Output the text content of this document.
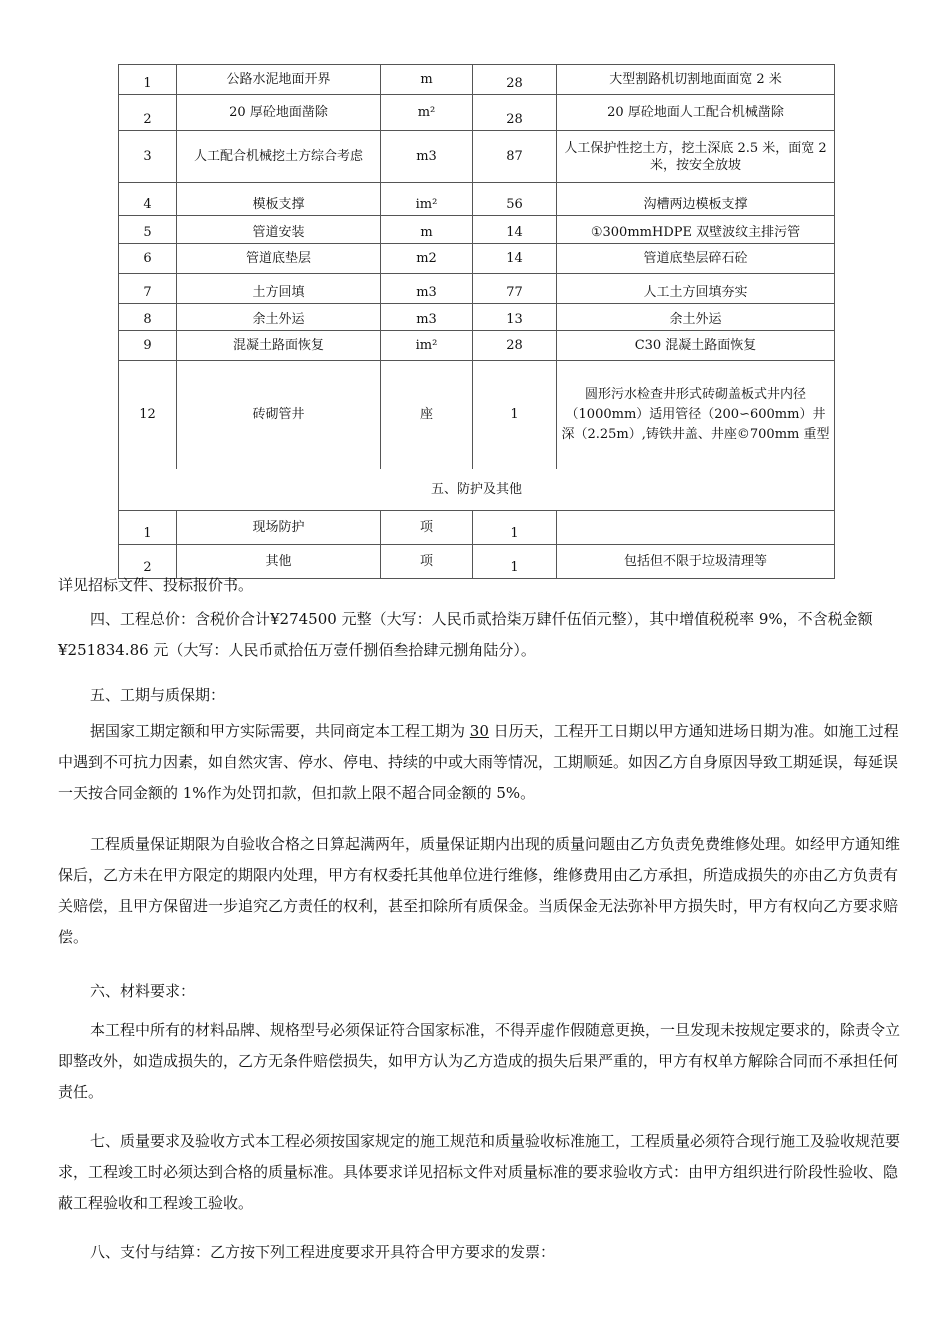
1	公路水泥地面开界	m	28	大型割路机切割地面面宽 2 米
2	20 厚砼地面凿除	m²	28	20 厚砼地面人工配合机械凿除
3	人工配合机械挖土方综合考虑	m3	87	人工保护性挖土方，挖土深底 2.5 米，面宽 2 米，按安全放坡
4	模板支撑	im²	56	沟槽两边模板支撑
5	管道安装	m	14	①300mmHDPE 双壁波纹主排污管
6	管道底垫层	m2	14	管道底垫层碎石砼
7	土方回填	m3	77	人工土方回填夯实
8	余土外运	m3	13	余土外运
9	混凝土路面恢复	im²	28	C30 混凝土路面恢复
12	砖砌管井	座	1	圆形污水检查井形式砖砌盖板式井内径（1000mm）适用管径（200∽600mm）井深（2.25m）,铸铁井盖、井座©700mm 重型
五、防护及其他				
1	现场防护	项	1	
2	其他	项	1	包括但不限于垃圾清理等

详见招标文件、投标报价书。

四、工程总价：含税价合计¥274500 元整（大写：人民币贰拾柒万肆仟伍佰元整），其中增值税税率 9%，不含税金额¥251834.86 元（大写：人民币贰拾伍万壹仟捌佰叁拾肆元捌角陆分）。

五、工期与质保期：

据国家工期定额和甲方实际需要，共同商定本工程工期为 30 日历天，工程开工日期以甲方通知进场日期为准。如施工过程中遇到不可抗力因素，如自然灾害、停水、停电、持续的中或大雨等情况，工期顺延。如因乙方自身原因导致工期延误，每延误一天按合同金额的 1%作为处罚扣款，但扣款上限不超合同金额的 5%。

工程质量保证期限为自验收合格之日算起满两年，质量保证期内出现的质量问题由乙方负责免费维修处理。如经甲方通知维保后，乙方未在甲方限定的期限内处理，甲方有权委托其他单位进行维修，维修费用由乙方承担，所造成损失的亦由乙方负责有关赔偿，且甲方保留进一步追究乙方责任的权利，甚至扣除所有质保金。当质保金无法弥补甲方损失时，甲方有权向乙方要求赔偿。

六、材料要求：

本工程中所有的材料品牌、规格型号必须保证符合国家标准，不得弄虚作假随意更换，一旦发现未按规定要求的，除责令立即整改外，如造成损失的，乙方无条件赔偿损失，如甲方认为乙方造成的损失后果严重的，甲方有权单方解除合同而不承担任何责任。

七、质量要求及验收方式本工程必须按国家规定的施工规范和质量验收标准施工，工程质量必须符合现行施工及验收规范要求，工程竣工时必须达到合格的质量标准。具体要求详见招标文件对质量标准的要求验收方式：由甲方组织进行阶段性验收、隐蔽工程验收和工程竣工验收。

八、支付与结算：乙方按下列工程进度要求开具符合甲方要求的发票：
